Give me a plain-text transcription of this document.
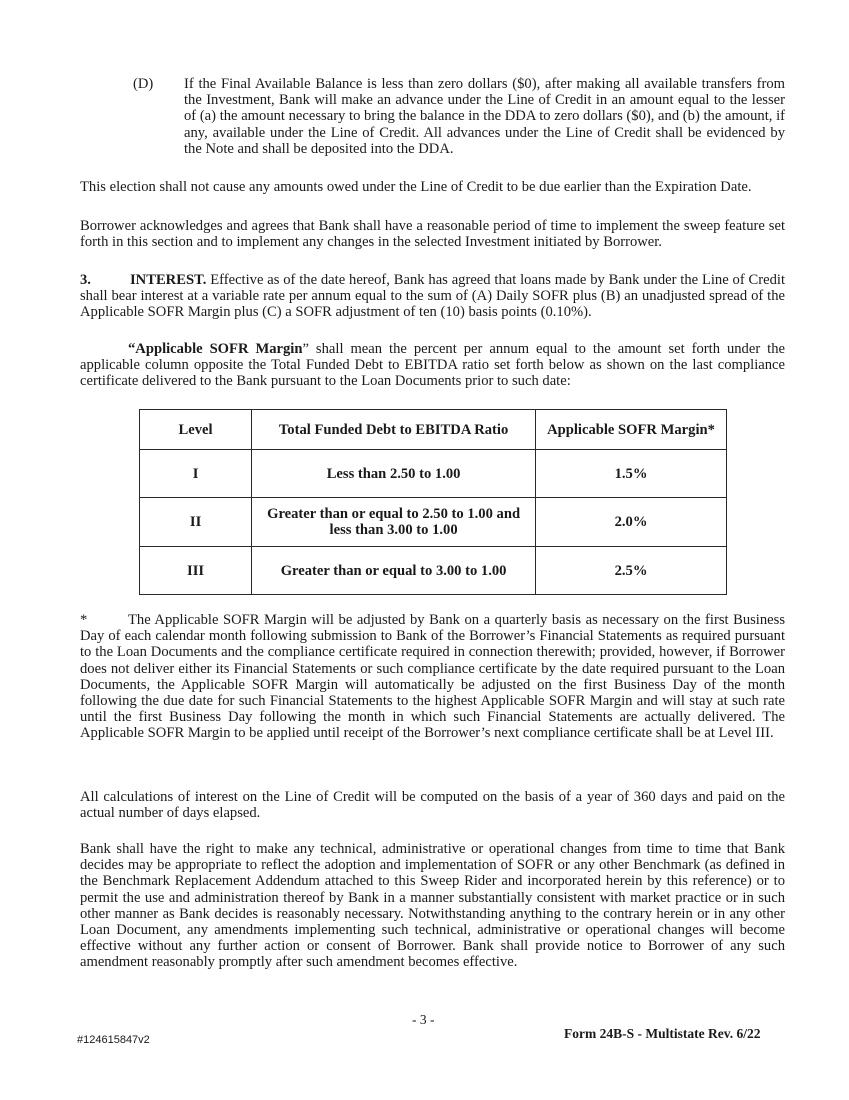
(D) If the Final Available Balance is less than zero dollars ($0), after making all available transfers from the Investment, Bank will make an advance under the Line of Credit in an amount equal to the lesser of (a) the amount necessary to bring the balance in the DDA to zero dollars ($0), and (b) the amount, if any, available under the Line of Credit. All advances under the Line of Credit shall be evidenced by the Note and shall be deposited into the DDA.

This election shall not cause any amounts owed under the Line of Credit to be due earlier than the Expiration Date.

Borrower acknowledges and agrees that Bank shall have a reasonable period of time to implement the sweep feature set forth in this section and to implement any changes in the selected Investment initiated by Borrower.

3.	INTEREST. Effective as of the date hereof, Bank has agreed that loans made by Bank under the Line of Credit shall bear interest at a variable rate per annum equal to the sum of (A) Daily SOFR plus (B) an unadjusted spread of the Applicable SOFR Margin plus (C) a SOFR adjustment of ten (10) basis points (0.10%).

“Applicable SOFR Margin” shall mean the percent per annum equal to the amount set forth under the applicable column opposite the Total Funded Debt to EBITDA ratio set forth below as shown on the last compliance certificate delivered to the Bank pursuant to the Loan Documents prior to such date:

Level	Total Funded Debt to EBITDA Ratio	Applicable SOFR Margin*
I	Less than 2.50 to 1.00	1.5%
II	Greater than or equal to 2.50 to 1.00 and less than 3.00 to 1.00	2.0%
III	Greater than or equal to 3.00 to 1.00	2.5%

*	The Applicable SOFR Margin will be adjusted by Bank on a quarterly basis as necessary on the first Business Day of each calendar month following submission to Bank of the Borrower’s Financial Statements as required pursuant to the Loan Documents and the compliance certificate required in connection therewith; provided, however, if Borrower does not deliver either its Financial Statements or such compliance certificate by the date required pursuant to the Loan Documents, the Applicable SOFR Margin will automatically be adjusted on the first Business Day of the month following the due date for such Financial Statements to the highest Applicable SOFR Margin and will stay at such rate until the first Business Day following the month in which such Financial Statements are actually delivered. The Applicable SOFR Margin to be applied until receipt of the Borrower’s next compliance certificate shall be at Level III.

All calculations of interest on the Line of Credit will be computed on the basis of a year of 360 days and paid on the actual number of days elapsed.

Bank shall have the right to make any technical, administrative or operational changes from time to time that Bank decides may be appropriate to reflect the adoption and implementation of SOFR or any other Benchmark (as defined in the Benchmark Replacement Addendum attached to this Sweep Rider and incorporated herein by this reference) or to permit the use and administration thereof by Bank in a manner substantially consistent with market practice or in such other manner as Bank decides is reasonably necessary. Notwithstanding anything to the contrary herein or in any other Loan Document, any amendments implementing such technical, administrative or operational changes will become effective without any further action or consent of Borrower. Bank shall provide notice to Borrower of any such amendment reasonably promptly after such amendment becomes effective.

- 3 -
#124615847v2	Form 24B-S - Multistate Rev. 6/22
